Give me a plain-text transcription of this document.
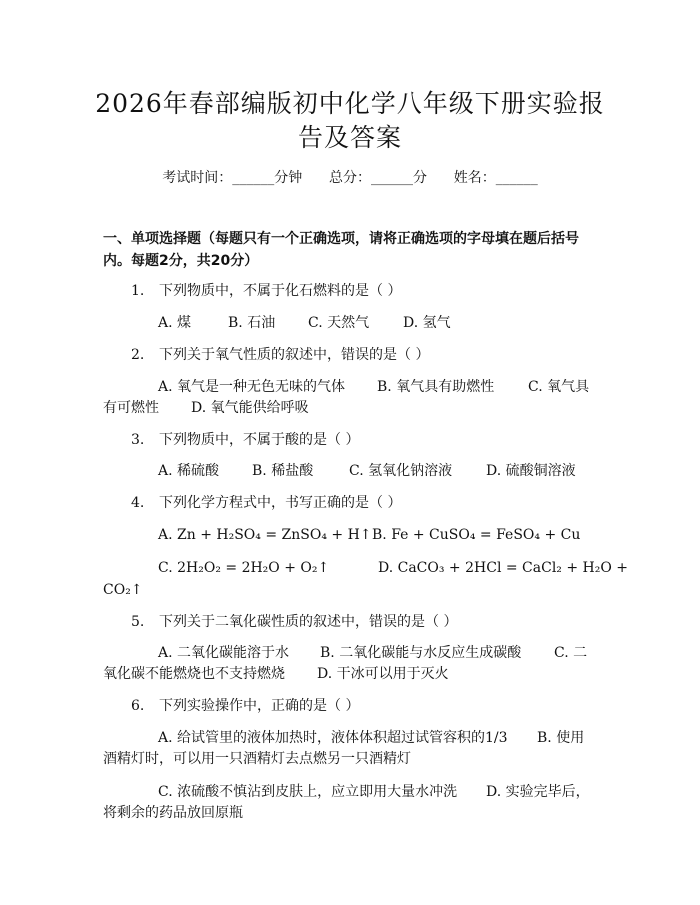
2026年春部编版初中化学八年级下册实验报
告及答案
考试时间：______分钟 总分：______分 姓名：______
一、单项选择题（每题只有一个正确选项，请将正确选项的字母填在题后括号内。每题2分，共20分）
1. 下列物质中，不属于化石燃料的是（ ）
A. 煤	B. 石油 C. 天然气 D. 氢气
2. 下列关于氧气性质的叙述中，错误的是（ ）
A. 氧气是一种无色无味的气体 B. 氧气具有助燃性 C. 氧气具
有可燃性 D. 氧气能供给呼吸
3. 下列物质中，不属于酸的是（ ）
A. 稀硫酸 B. 稀盐酸	C. 氢氧化钠溶液 D. 硫酸铜溶液
4. 下列化学方程式中，书写正确的是（ ）
A. Zn + H₂SO₄ = ZnSO₄ + H↑ B. Fe + CuSO₄ = FeSO₄ + Cu
C. 2H₂O₂ = 2H₂O + O₂↑	D. CaCO₃ + 2HCl = CaCl₂ + H₂O +
CO₂↑
5. 下列关于二氧化碳性质的叙述中，错误的是（ ）
A. 二氧化碳能溶于水 B. 二氧化碳能与水反应生成碳酸 C. 二
氧化碳不能燃烧也不支持燃烧 D. 干冰可以用于灭火
6. 下列实验操作中，正确的是（ ）
A. 给试管里的液体加热时，液体体积超过试管容积的1/3 B. 使用
酒精灯时，可以用一只酒精灯去点燃另一只酒精灯
C. 浓硫酸不慎沾到皮肤上，应立即用大量水冲洗 D. 实验完毕后，
将剩余的药品放回原瓶
